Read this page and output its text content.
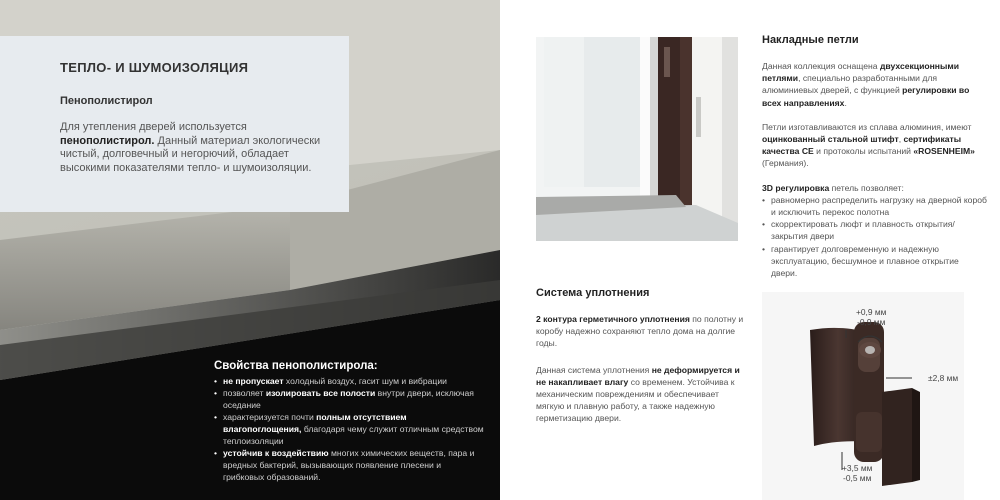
ТЕПЛО- И ШУМОИЗОЛЯЦИЯ
Пенополистирол
Для утепления дверей используется пенополистирол. Данный материал экологически чистый, долговечный и негорючий, обладает высокими показателями тепло- и шумоизоляции.
Свойства пенополистирола:
• не пропускает холодный воздух, гасит шум и вибрации
• позволяет изолировать все полости внутри двери, исключая оседание
• характеризуется почти полным отсутствием влагопоглощения, благодаря чему служит отличным средством теплоизоляции
• устойчив к воздействию многих химических веществ, пара и вредных бактерий, вызывающих появление плесени и грибковых образований.
Накладные петли
Данная коллекция оснащена двухсекционными петлями, специально разработанными для алюминиевых дверей, с функцией регулировки во всех направлениях.
Петли изготавливаются из сплава алюминия, имеют оцинкованный стальной штифт, сертификаты качества CE и протоколы испытаний «ROSENHEIM» (Германия).
3D регулировка петель позволяет:
• равномерно распределить нагрузку на дверной короб и исключить перекос полотна
• скорректировать люфт и плавность открытия/закрытия двери
• гарантирует долговременную и надежную эксплуатацию, бесшумное и плавное открытие двери.
Система уплотнения
2 контура герметичного уплотнения по полотну и коробу надежно сохраняют тепло дома на долгие годы.
Данная система уплотнения не деформируется и не накапливает влагу со временем. Устойчива к механическим повреждениям и обеспечивает мягкую и плавную работу, а также надежную герметизацию двери.
+0,9 мм
-0,9 мм
±2,8 мм
+3,5 мм
-0,5 мм
